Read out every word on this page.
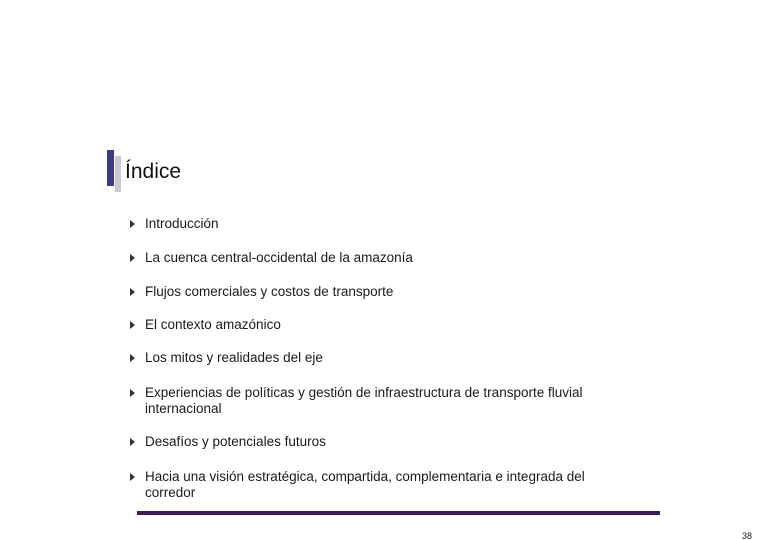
Índice
Introducción
La cuenca central-occidental de la amazonía
Flujos comerciales y costos de transporte
El contexto amazónico
Los mitos y realidades del eje
Experiencias de políticas y gestión de infraestructura de transporte fluvial internacional
Desafíos y potenciales futuros
Hacia una visión estratégica, compartida, complementaria e integrada del corredor
38
